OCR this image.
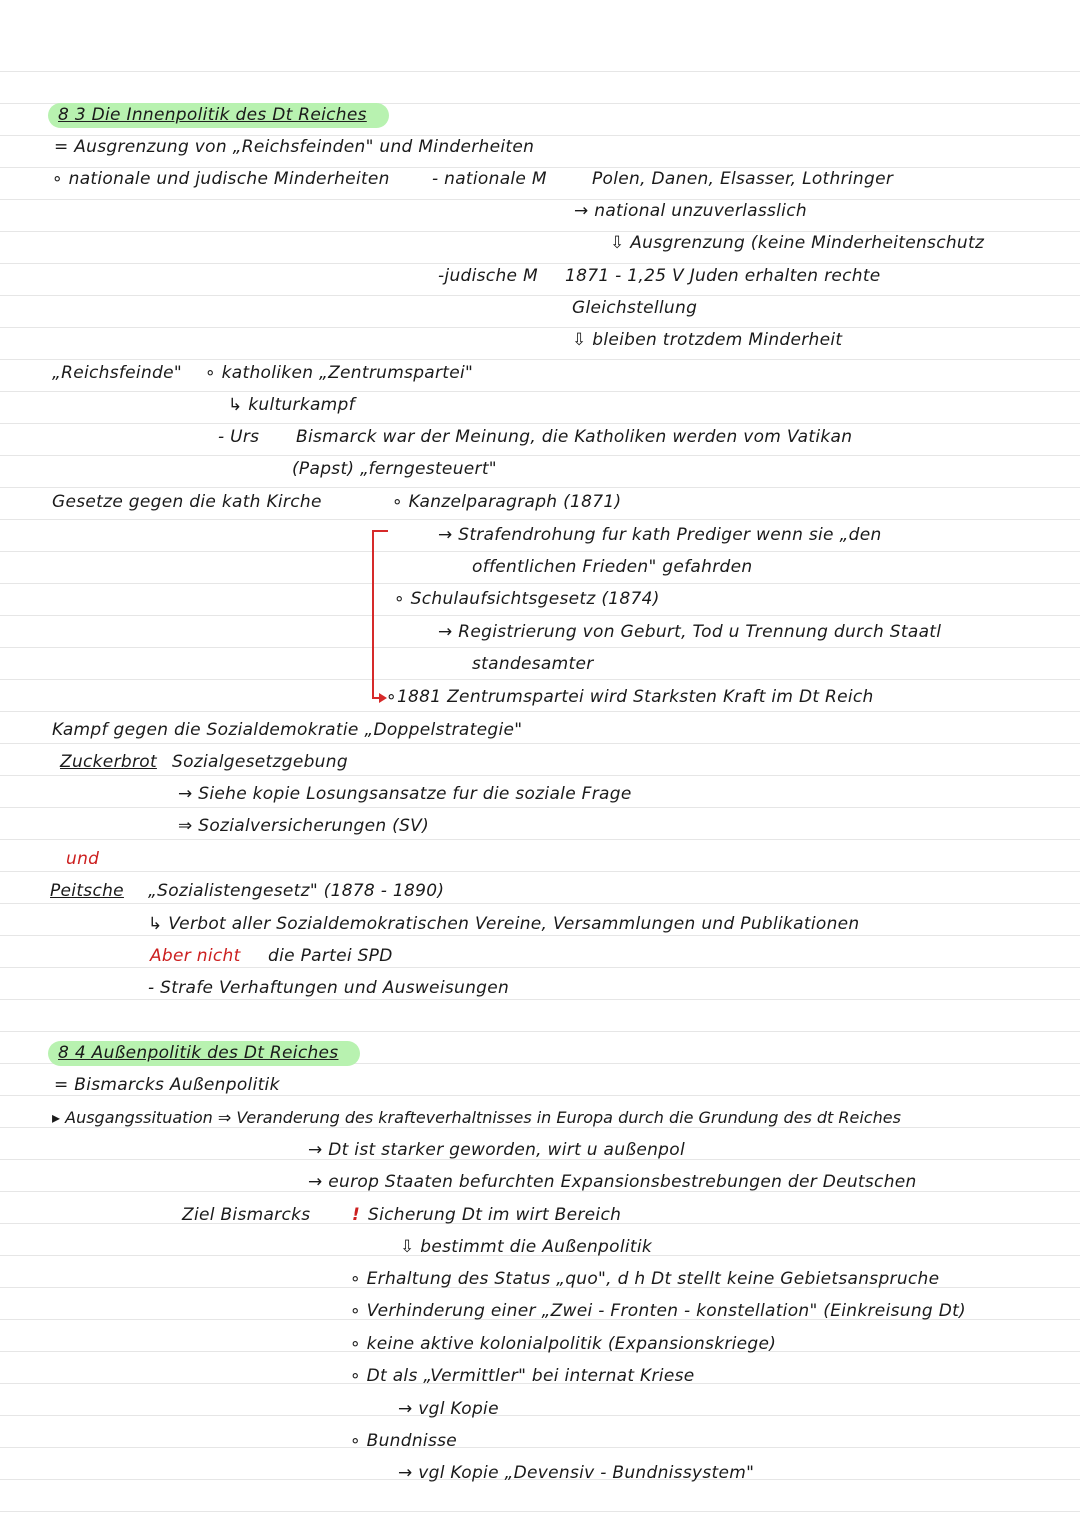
8 3 Die Innenpolitik des Dt Reiches
= Ausgrenzung von „Reichsfeinden" und Minderheiten
∘ nationale und judische Minderheiten - nationale M	Polen, Danen, Elsasser, Lothringer
→ national unzuverlasslich
⇩ Ausgrenzung (keine Minderheitenschutz
-judische M 1871 - 1,25 V Juden erhalten rechte
Gleichstellung
⇩ bleiben trotzdem Minderheit
„Reichsfeinde" ∘ katholiken „Zentrumspartei"
↳ kulturkampf
- Urs Bismarck war der Meinung, die Katholiken werden vom Vatikan
(Papst) „ferngesteuert"
Gesetze gegen die kath Kirche	∘ Kanzelparagraph (1871)
→ Strafendrohung fur kath Prediger wenn sie „den
offentlichen Frieden" gefahrden
∘ Schulaufsichtsgesetz (1874)
→ Registrierung von Geburt, Tod u Trennung durch Staatl
standesamter
∘1881 Zentrumspartei wird Starksten Kraft im Dt Reich
Kampf gegen die Sozialdemokratie „Doppelstrategie"
Zuckerbrot Sozialgesetzgebung
→ Siehe kopie Losungsansatze fur die soziale Frage
⇒ Sozialversicherungen (SV)
und
Peitsche „Sozialistengesetz" (1878 - 1890)
↳ Verbot aller Sozialdemokratischen Vereine, Versammlungen und Publikationen
Aber nicht die Partei SPD
- Strafe Verhaftungen und Ausweisungen
8 4 Außenpolitik des Dt Reiches
= Bismarcks Außenpolitik
▸ Ausgangssituation ⇒ Veranderung des krafteverhaltnisses in Europa durch die Grundung des dt Reiches
→ Dt ist starker geworden, wirt u außenpol
→ europ Staaten befurchten Expansionsbestrebungen der Deutschen
Ziel Bismarcks ! Sicherung Dt im wirt Bereich
⇩ bestimmt die Außenpolitik
∘ Erhaltung des Status „quo", d h Dt stellt keine Gebietsanspruche
∘ Verhinderung einer „Zwei - Fronten - konstellation" (Einkreisung Dt)
∘ keine aktive kolonialpolitik (Expansionskriege)
∘ Dt als „Vermittler" bei internat Kriese
→ vgl Kopie
∘ Bundnisse
→ vgl Kopie „Devensiv - Bundnissystem"
